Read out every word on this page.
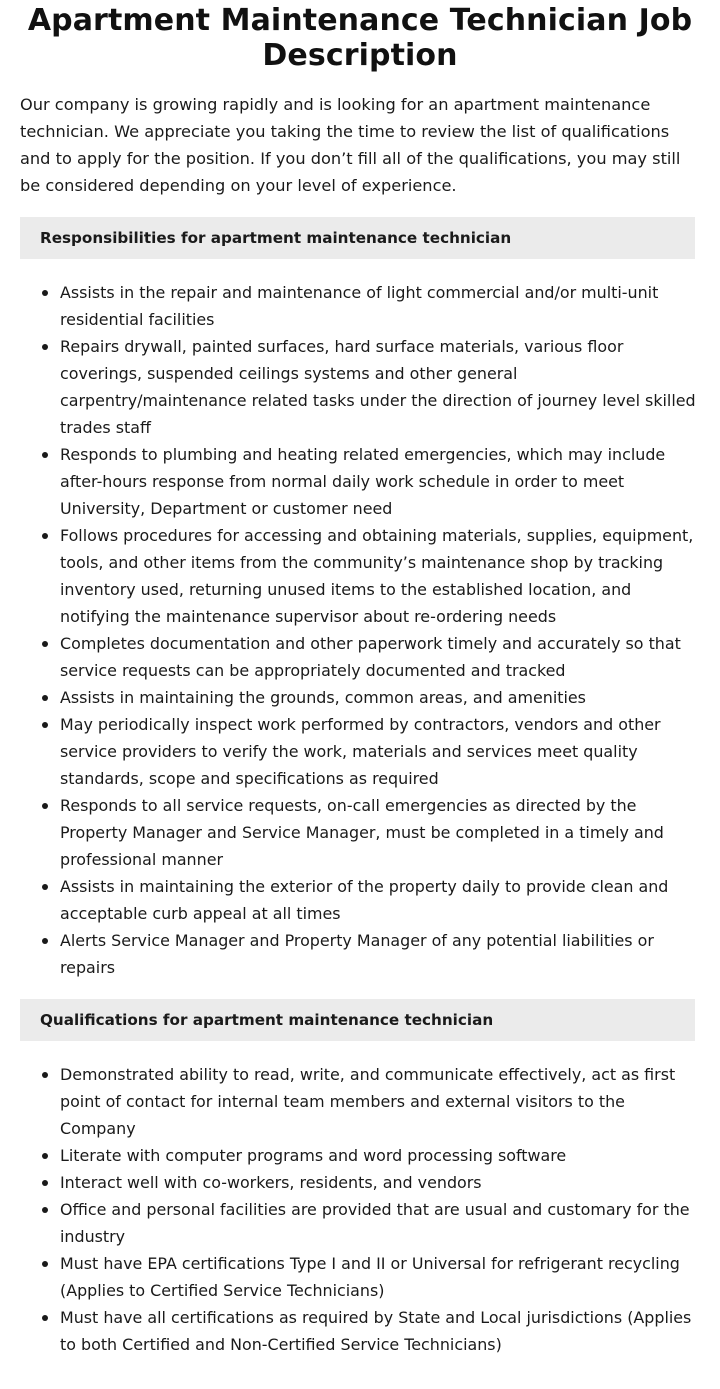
Apartment Maintenance Technician Job Description

Our company is growing rapidly and is looking for an apartment maintenance technician. We appreciate you taking the time to review the list of qualifications and to apply for the position. If you don’t fill all of the qualifications, you may still be considered depending on your level of experience.

Responsibilities for apartment maintenance technician
Assists in the repair and maintenance of light commercial and/or multi-unit residential facilities
Repairs drywall, painted surfaces, hard surface materials, various floor coverings, suspended ceilings systems and other general carpentry/maintenance related tasks under the direction of journey level skilled trades staff
Responds to plumbing and heating related emergencies, which may include after-hours response from normal daily work schedule in order to meet University, Department or customer need
Follows procedures for accessing and obtaining materials, supplies, equipment, tools, and other items from the community’s maintenance shop by tracking inventory used, returning unused items to the established location, and notifying the maintenance supervisor about re-ordering needs
Completes documentation and other paperwork timely and accurately so that service requests can be appropriately documented and tracked
Assists in maintaining the grounds, common areas, and amenities
May periodically inspect work performed by contractors, vendors and other service providers to verify the work, materials and services meet quality standards, scope and specifications as required
Responds to all service requests, on-call emergencies as directed by the Property Manager and Service Manager, must be completed in a timely and professional manner
Assists in maintaining the exterior of the property daily to provide clean and acceptable curb appeal at all times
Alerts Service Manager and Property Manager of any potential liabilities or repairs
Qualifications for apartment maintenance technician
Demonstrated ability to read, write, and communicate effectively, act as first point of contact for internal team members and external visitors to the Company
Literate with computer programs and word processing software
Interact well with co-workers, residents, and vendors
Office and personal facilities are provided that are usual and customary for the industry
Must have EPA certifications Type I and II or Universal for refrigerant recycling (Applies to Certified Service Technicians)
Must have all certifications as required by State and Local jurisdictions (Applies to both Certified and Non-Certified Service Technicians)
